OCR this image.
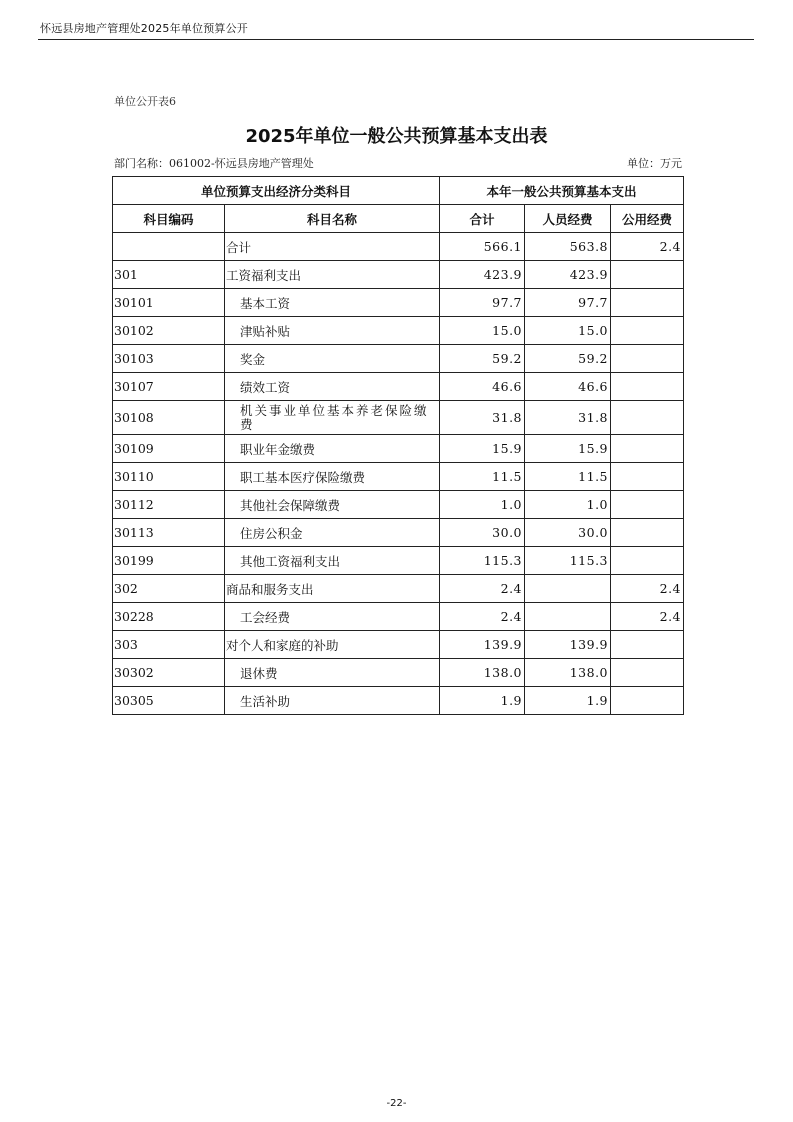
怀远县房地产管理处2025年单位预算公开
单位公开表6
2025年单位一般公共预算基本支出表
部门名称：061002-怀远县房地产管理处	单位：万元
单位预算支出经济分类科目		本年一般公共预算基本支出		
科目编码	科目名称	合计	人员经费	公用经费
	合计	566.1	563.8	2.4
301	工资福利支出	423.9	423.9	
30101	基本工资	97.7	97.7	
30102	津贴补贴	15.0	15.0	
30103	奖金	59.2	59.2	
30107	绩效工资	46.6	46.6	
30108	机关事业单位基本养老保险缴费	31.8	31.8	
30109	职业年金缴费	15.9	15.9	
30110	职工基本医疗保险缴费	11.5	11.5	
30112	其他社会保障缴费	1.0	1.0	
30113	住房公积金	30.0	30.0	
30199	其他工资福利支出	115.3	115.3	
302	商品和服务支出	2.4		2.4
30228	工会经费	2.4		2.4
303	对个人和家庭的补助	139.9	139.9	
30302	退休费	138.0	138.0	
30305	生活补助	1.9	1.9	
-22-
